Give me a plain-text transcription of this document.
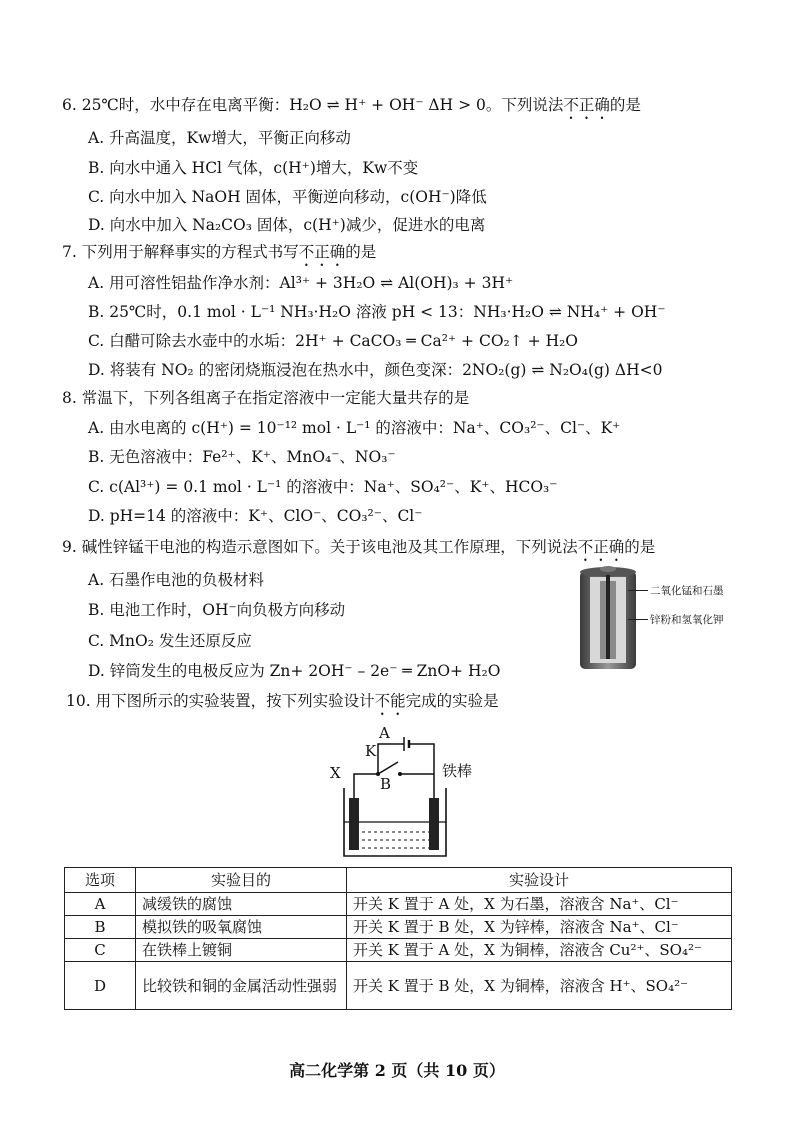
6. 25℃时，水中存在电离平衡：H₂O ⇌ H⁺ + OH⁻ ΔH > 0。下列说法不正确的是
A. 升高温度，Kw增大，平衡正向移动
B. 向水中通入 HCl 气体，c(H⁺)增大，Kw不变
C. 向水中加入 NaOH 固体，平衡逆向移动，c(OH⁻)降低
D. 向水中加入 Na₂CO₃ 固体，c(H⁺)减少，促进水的电离
7. 下列用于解释事实的方程式书写不正确的是
A. 用可溶性铝盐作净水剂：Al³⁺ + 3H₂O ⇌ Al(OH)₃ + 3H⁺
B. 25℃时，0.1 mol · L⁻¹ NH₃·H₂O 溶液 pH < 13：NH₃·H₂O ⇌ NH₄⁺ + OH⁻
C. 白醋可除去水壶中的水垢：2H⁺ + CaCO₃ ═ Ca²⁺ + CO₂↑ + H₂O
D. 将装有 NO₂ 的密闭烧瓶浸泡在热水中，颜色变深：2NO₂(g) ⇌ N₂O₄(g) ΔH<0
8. 常温下，下列各组离子在指定溶液中一定能大量共存的是
A. 由水电离的 c(H⁺) = 10⁻¹² mol · L⁻¹ 的溶液中：Na⁺、CO₃²⁻、Cl⁻、K⁺
B. 无色溶液中：Fe²⁺、K⁺、MnO₄⁻、NO₃⁻
C. c(Al³⁺) = 0.1 mol · L⁻¹ 的溶液中：Na⁺、SO₄²⁻、K⁺、HCO₃⁻
D. pH=14 的溶液中：K⁺、ClO⁻、CO₃²⁻、Cl⁻
9. 碱性锌锰干电池的构造示意图如下。关于该电池及其工作原理，下列说法不正确的是
A. 石墨作电池的负极材料
B. 电池工作时，OH⁻向负极方向移动
C. MnO₂ 发生还原反应
D. 锌筒发生的电极反应为 Zn+ 2OH⁻ – 2e⁻ ═ ZnO+ H₂O
二氧化锰和石墨
锌粉和氢氧化钾
10. 用下图所示的实验装置，按下列实验设计不能完成的实验是
A
K
B
X	铁棒
选项	实验目的	实验设计
A	减缓铁的腐蚀	开关 K 置于 A 处，X 为石墨，溶液含 Na⁺、Cl⁻
B	模拟铁的吸氧腐蚀	开关 K 置于 B 处，X 为锌棒，溶液含 Na⁺、Cl⁻
C	在铁棒上镀铜	开关 K 置于 A 处，X 为铜棒，溶液含 Cu²⁺、SO₄²⁻
D	比较铁和铜的金属活动性强弱	开关 K 置于 B 处，X 为铜棒，溶液含 H⁺、SO₄²⁻
高二化学第 2 页（共 10 页）
